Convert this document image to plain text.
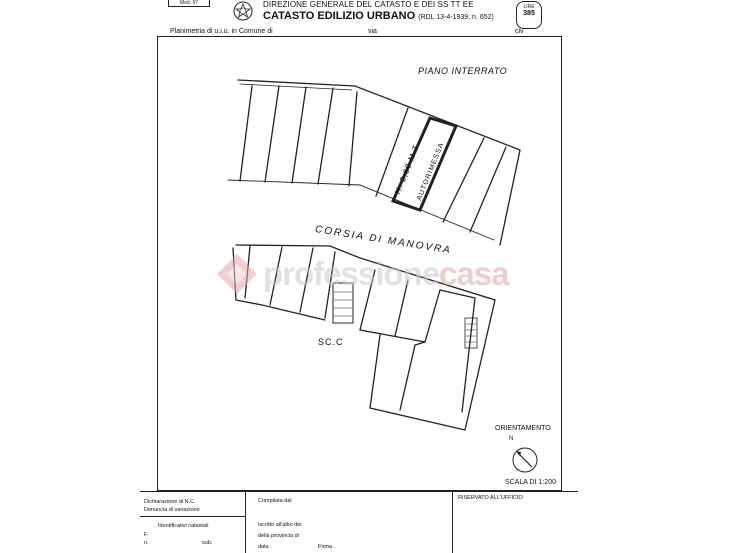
Mod. 97	DIREZIONE GENERALE DEL CATASTO E DEI SS TT EE
CATASTO EDILIZIO URBANO (RDL 13-4-1939, n. 652)
LIRE
385
Planimetria di u.i.u. in Comune di	via	civ
PIANO INTERRATO
CORSIA DI MANOVRA
H. 2,60 M.T.
AUTORIMESSA
SC.C
professionecasa
ORIENTAMENTO
N
SCALA DI 1:200
Dichiarazione di N.C.
Denuncia di variazione
Identificativi catastali
F.
n.	sub.
Compilata dal
Iscritto all'albo dei
della provincia di
data	Firma
RISERVATO ALL'UFFICIO
